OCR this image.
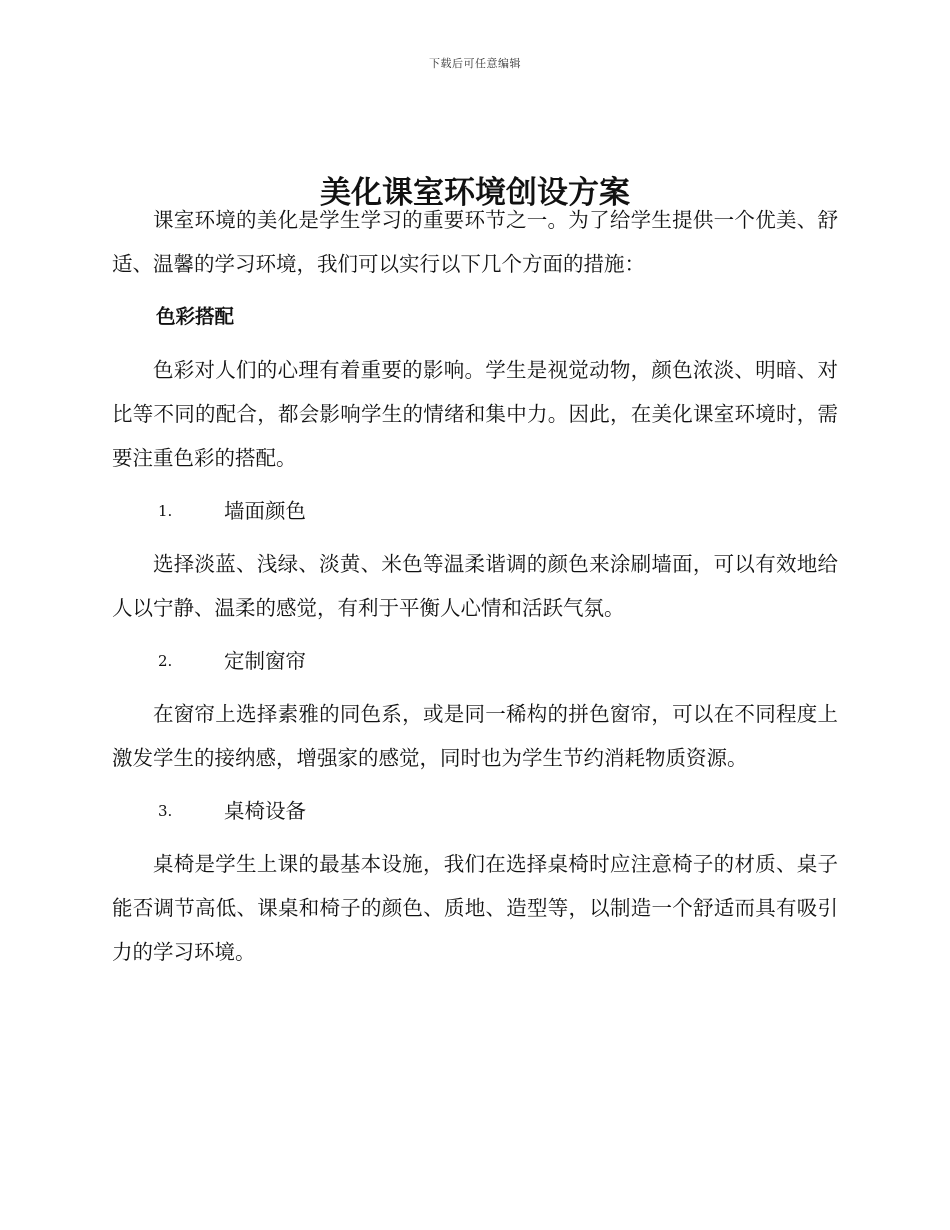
下载后可任意编辑
美化课室环境创设方案

课室环境的美化是学生学习的重要环节之一。为了给学生提供一个优美、舒适、温馨的学习环境，我们可以实行以下几个方面的措施：

色彩搭配

色彩对人们的心理有着重要的影响。学生是视觉动物，颜色浓淡、明暗、对比等不同的配合，都会影响学生的情绪和集中力。因此，在美化课室环境时，需要注重色彩的搭配。

1.	墙面颜色

选择淡蓝、浅绿、淡黄、米色等温柔谐调的颜色来涂刷墙面，可以有效地给人以宁静、温柔的感觉，有利于平衡人心情和活跃气氛。

2.	定制窗帘

在窗帘上选择素雅的同色系，或是同一稀构的拼色窗帘，可以在不同程度上激发学生的接纳感，增强家的感觉，同时也为学生节约消耗物质资源。

3.	桌椅设备

桌椅是学生上课的最基本设施，我们在选择桌椅时应注意椅子的材质、桌子能否调节高低、课桌和椅子的颜色、质地、造型等，以制造一个舒适而具有吸引力的学习环境。
